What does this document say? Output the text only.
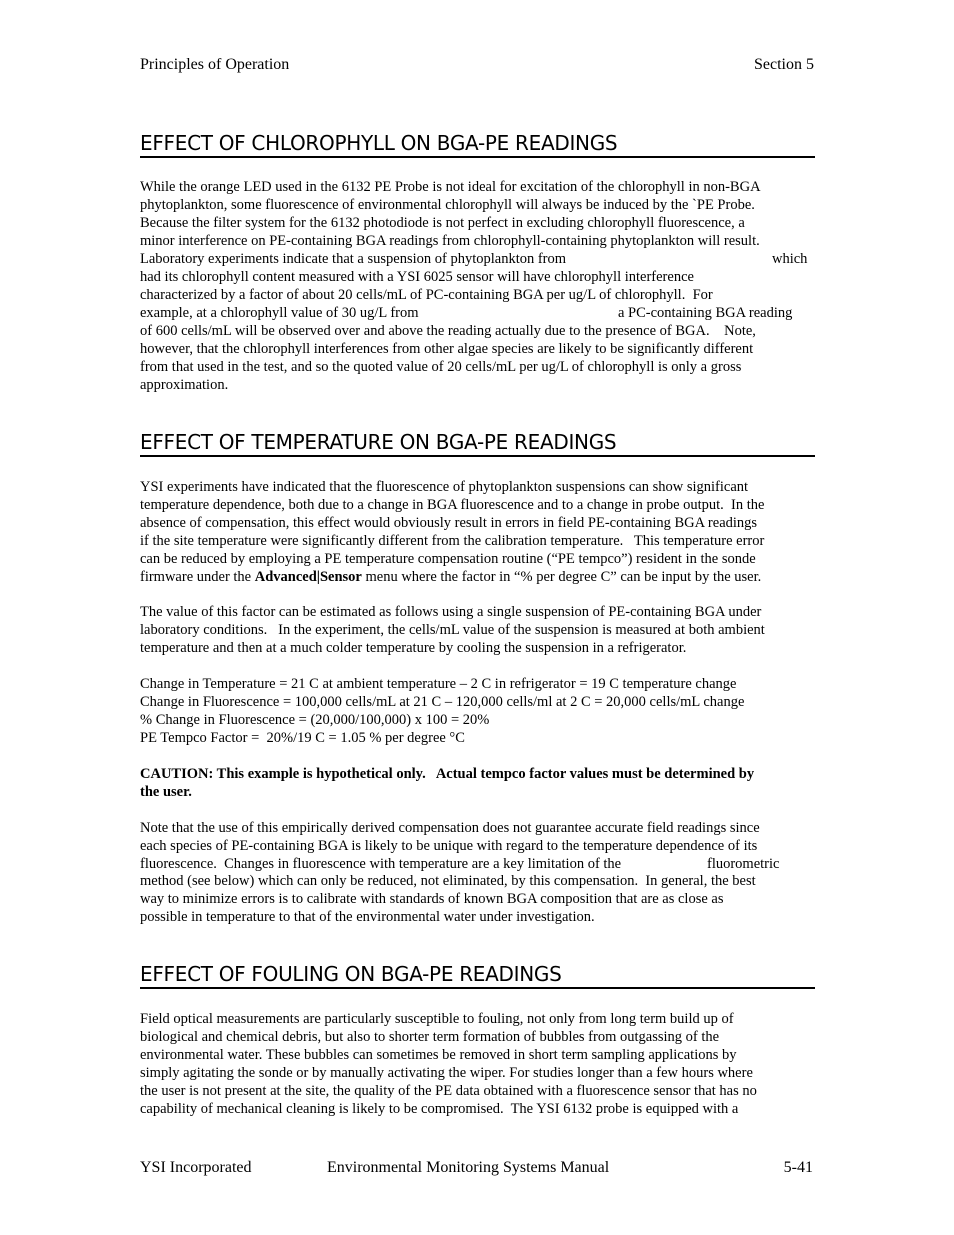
Principles of Operation	Section 5
EFFECT OF CHLOROPHYLL ON BGA-PE READINGS
While the orange LED used in the 6132 PE Probe is not ideal for excitation of the chlorophyll in non-BGA
phytoplankton, some fluorescence of environmental chlorophyll will always be induced by the `PE Probe.
Because the filter system for the 6132 photodiode is not perfect in excluding chlorophyll fluorescence, a
minor interference on PE-containing BGA readings from chlorophyll-containing phytoplankton will result.
Laboratory experiments indicate that a suspension of phytoplankton from	which
had its chlorophyll content measured with a YSI 6025 sensor will have chlorophyll interference
characterized by a factor of about 20 cells/mL of PC-containing BGA per ug/L of chlorophyll.  For
example, at a chlorophyll value of 30 ug/L from	a PC-containing BGA reading
of 600 cells/mL will be observed over and above the reading actually due to the presence of BGA.    Note,
however, that the chlorophyll interferences from other algae species are likely to be significantly different
from that used in the test, and so the quoted value of 20 cells/mL per ug/L of chlorophyll is only a gross
approximation.
EFFECT OF TEMPERATURE ON BGA-PE READINGS
YSI experiments have indicated that the fluorescence of phytoplankton suspensions can show significant
temperature dependence, both due to a change in BGA fluorescence and to a change in probe output.  In the
absence of compensation, this effect would obviously result in errors in field PE-containing BGA readings
if the site temperature were significantly different from the calibration temperature.   This temperature error
can be reduced by employing a PE temperature compensation routine (“PE tempco”) resident in the sonde
firmware under the Advanced|Sensor menu where the factor in “% per degree C” can be input by the user.
The value of this factor can be estimated as follows using a single suspension of PE-containing BGA under
laboratory conditions.   In the experiment, the cells/mL value of the suspension is measured at both ambient
temperature and then at a much colder temperature by cooling the suspension in a refrigerator.
Change in Temperature = 21 C at ambient temperature – 2 C in refrigerator = 19 C temperature change
Change in Fluorescence = 100,000 cells/mL at 21 C – 120,000 cells/ml at 2 C = 20,000 cells/mL change
% Change in Fluorescence = (20,000/100,000) x 100 = 20%
PE Tempco Factor =  20%/19 C = 1.05 % per degree °C
CAUTION: This example is hypothetical only.   Actual tempco factor values must be determined by
the user.
Note that the use of this empirically derived compensation does not guarantee accurate field readings since
each species of PE-containing BGA is likely to be unique with regard to the temperature dependence of its
fluorescence.  Changes in fluorescence with temperature are a key limitation of the	fluorometric
method (see below) which can only be reduced, not eliminated, by this compensation.  In general, the best
way to minimize errors is to calibrate with standards of known BGA composition that are as close as
possible in temperature to that of the environmental water under investigation.
EFFECT OF FOULING ON BGA-PE READINGS
Field optical measurements are particularly susceptible to fouling, not only from long term build up of
biological and chemical debris, but also to shorter term formation of bubbles from outgassing of the
environmental water. These bubbles can sometimes be removed in short term sampling applications by
simply agitating the sonde or by manually activating the wiper. For studies longer than a few hours where
the user is not present at the site, the quality of the PE data obtained with a fluorescence sensor that has no
capability of mechanical cleaning is likely to be compromised.  The YSI 6132 probe is equipped with a
YSI Incorporated	Environmental Monitoring Systems Manual	5-41
